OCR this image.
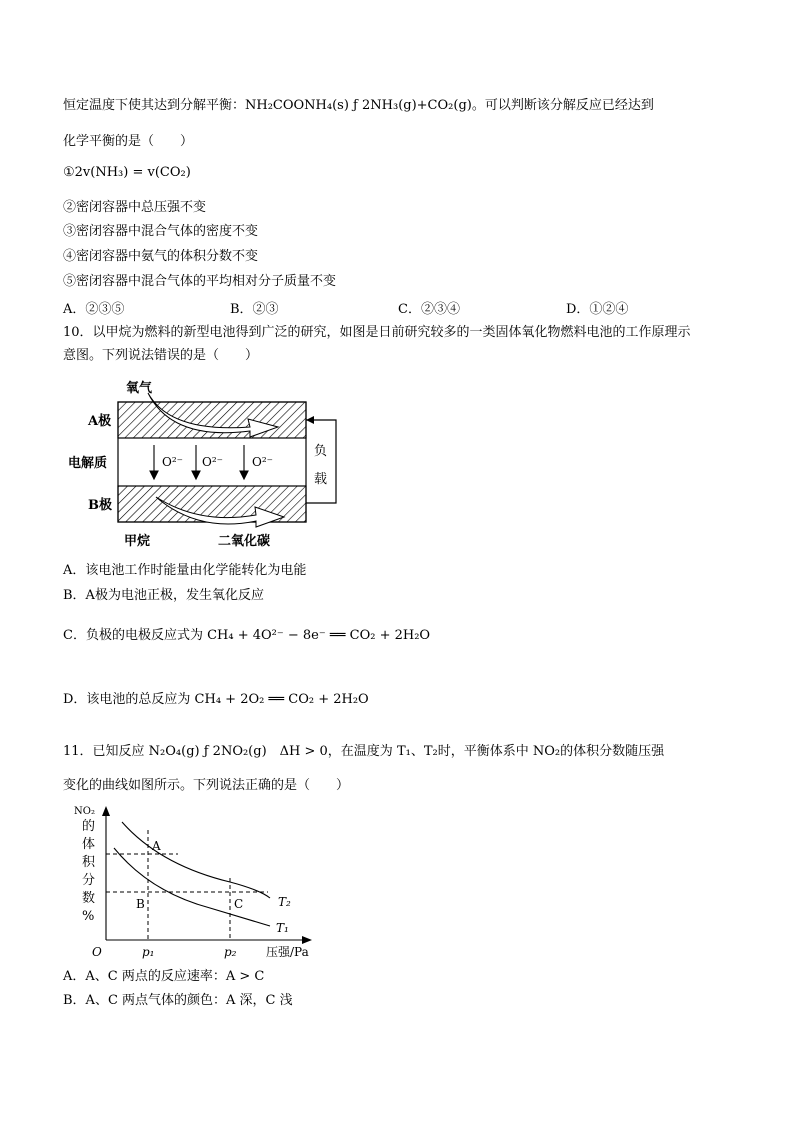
恒定温度下使其达到分解平衡：NH₂COONH₄(s) ƒ 2NH₃(g)+CO₂(g)。可以判断该分解反应已经达到
化学平衡的是（　　）
①2v(NH₃) = v(CO₂)
②密闭容器中总压强不变
③密闭容器中混合气体的密度不变
④密闭容器中氨气的体积分数不变
⑤密闭容器中混合气体的平均相对分子质量不变
A．②③⑤	B．②③	C．②③④	D．①②④
10．以甲烷为燃料的新型电池得到广泛的研究，如图是日前研究较多的一类固体氧化物燃料电池的工作原理示
意图。下列说法错误的是（　　）
O²⁻ O²⁻ O²⁻
负
载
氧气
A极
电解质
B极
甲烷	二氧化碳
A．该电池工作时能量由化学能转化为电能
B．A极为电池正极，发生氧化反应
C．负极的电极反应式为 CH₄ + 4O²⁻ − 8e⁻ ══ CO₂ + 2H₂O
D．该电池的总反应为 CH₄ + 2O₂ ══ CO₂ + 2H₂O
11．已知反应 N₂O₄(g) ƒ 2NO₂(g)　ΔH > 0，在温度为 T₁、T₂时，平衡体系中 NO₂的体积分数随压强
变化的曲线如图所示。下列说法正确的是（　　）
NO₂
的
体
积
分
数
%
O	p₁	p₂ 压强/Pa
A
B	C	T₂
T₁
A．A、C 两点的反应速率：A > C
B．A、C 两点气体的颜色：A 深，C 浅
